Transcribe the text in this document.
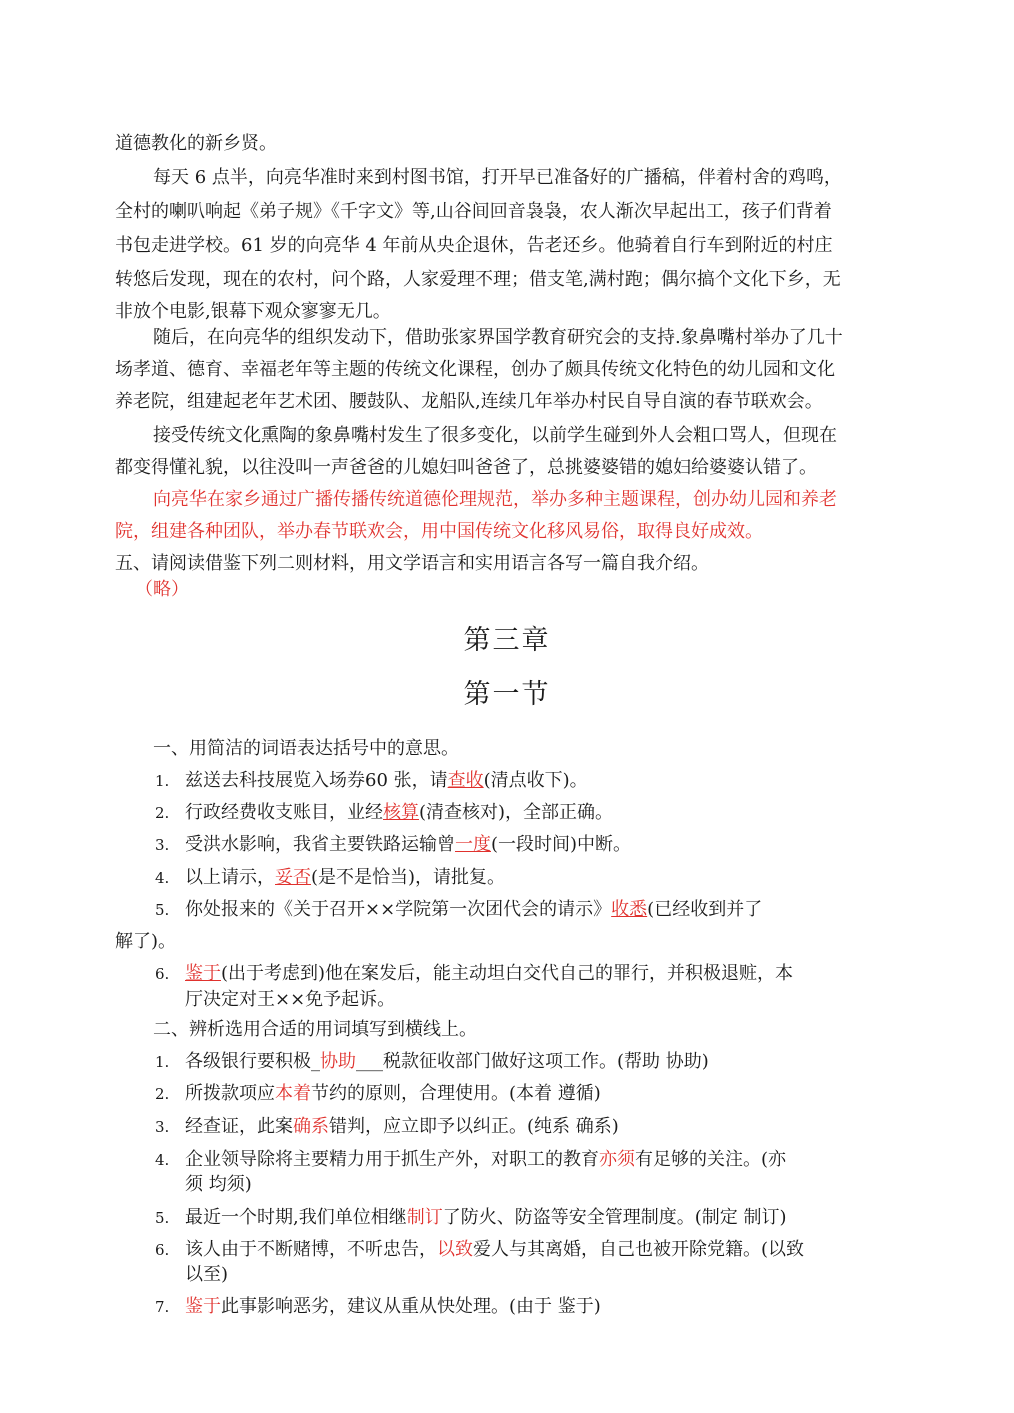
道德教化的新乡贤。
每天 6 点半，向亮华准时来到村图书馆，打开早已准备好的广播稿，伴着村舍的鸡鸣，
全村的喇叭响起《弟子规》《千字文》等,山谷间回音袅袅，农人渐次早起出工，孩子们背着
书包走进学校。61 岁的向亮华 4 年前从央企退休，告老还乡。他骑着自行车到附近的村庄
转悠后发现，现在的农村，问个路，人家爱理不理；借支笔,满村跑；偶尔搞个文化下乡，无
非放个电影,银幕下观众寥寥无几。
随后，在向亮华的组织发动下，借助张家界国学教育研究会的支持.象鼻嘴村举办了几十
场孝道、德育、幸福老年等主题的传统文化课程，创办了颇具传统文化特色的幼儿园和文化
养老院，组建起老年艺术团、腰鼓队、龙船队,连续几年举办村民自导自演的春节联欢会。
接受传统文化熏陶的象鼻嘴村发生了很多变化，以前学生碰到外人会粗口骂人，但现在
都变得懂礼貌，以往没叫一声爸爸的儿媳妇叫爸爸了，总挑婆婆错的媳妇给婆婆认错了。
向亮华在家乡通过广播传播传统道德伦理规范，举办多种主题课程，创办幼儿园和养老
院，组建各种团队，举办春节联欢会，用中国传统文化移风易俗，取得良好成效。
五、请阅读借鉴下列二则材料，用文学语言和实用语言各写一篇自我介绍。
（略）
第三章
第一节
一、用简洁的词语表达括号中的意思。
1. 兹送去科技展览入场券60 张，请查收(清点收下)。
2. 行政经费收支账目，业经核算(清查核对)，全部正确。
3. 受洪水影响，我省主要铁路运输曾一度(一段时间)中断。
4. 以上请示，妥否(是不是恰当)，请批复。
5. 你处报来的《关于召开××学院第一次团代会的请示》收悉(已经收到并了
解了)。
6. 鉴于(出于考虑到)他在案发后，能主动坦白交代自己的罪行，并积极退赃，本
厅决定对王××免予起诉。
二、辨析选用合适的用词填写到横线上。
1. 各级银行要积极_协助___税款征收部门做好这项工作。(帮助 协助)
2. 所拨款项应本着节约的原则，合理使用。(本着 遵循)
3. 经查证，此案确系错判，应立即予以纠正。(纯系 确系)
4. 企业领导除将主要精力用于抓生产外，对职工的教育亦须有足够的关注。(亦
须 均须)
5. 最近一个时期,我们单位相继制订了防火、防盗等安全管理制度。(制定 制订)
6. 该人由于不断赌博，不听忠告，以致爱人与其离婚，自己也被开除党籍。(以致
以至)
7. 鉴于此事影响恶劣，建议从重从快处理。(由于 鉴于)
